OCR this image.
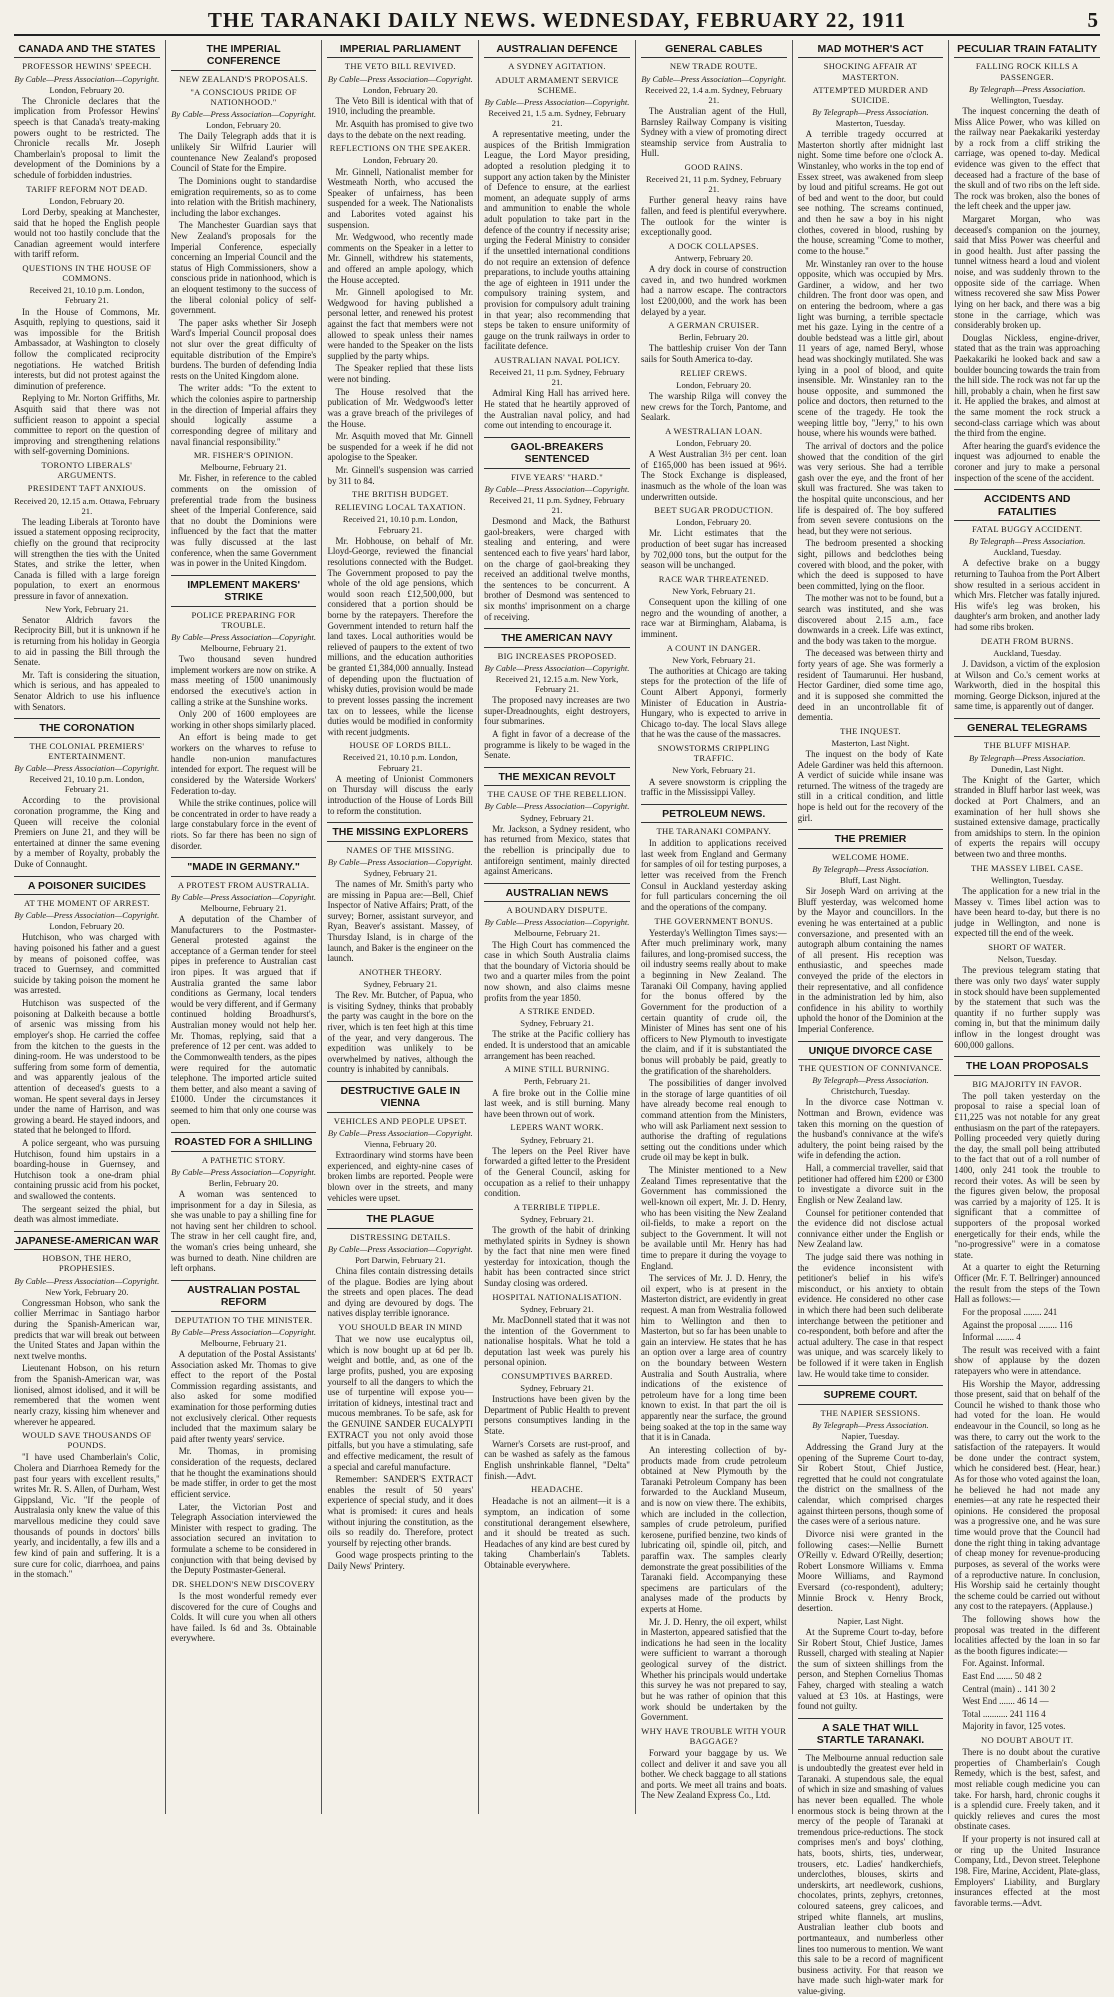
THE TARANAKI DAILY NEWS. WEDNESDAY, FEBRUARY 22, 1911	5
CANADA AND THE STATES
PROFESSOR HEWINS' SPEECH.
By Cable—Press Association—Copyright.
London, February 20.
The Chronicle declares that the implication from Professor Hewins' speech is that Canada's treaty-making powers ought to be restricted. The Chronicle recalls Mr. Joseph Chamberlain's proposal to limit the development of the Dominions by a schedule of forbidden industries.
TARIFF REFORM NOT DEAD.
London, February 20.
Lord Derby, speaking at Manchester, said that he hoped the English people would not too hastily conclude that the Canadian agreement would interfere with tariff reform.
QUESTIONS IN THE HOUSE OF COMMONS.
Received 21, 10.10 p.m. London, February 21.
In the House of Commons, Mr. Asquith, replying to questions, said it was impossible for the British Ambassador, at Washington to closely follow the complicated reciprocity negotiations. He watched British interests, but did not protest against the diminution of preference.
Replying to Mr. Norton Griffiths, Mr. Asquith said that there was not sufficient reason to appoint a special committee to report on the question of improving and strengthening relations with self-governing Dominions.
TORONTO LIBERALS' ARGUMENTS.
PRESIDENT TAFT ANXIOUS.
Received 20, 12.15 a.m. Ottawa, February 21.
The leading Liberals at Toronto have issued a statement opposing reciprocity, chiefly on the ground that reciprocity will strengthen the ties with the United States, and strike the letter, when Canada is filled with a large foreign population, to exert an enormous pressure in favor of annexation.
New York, February 21.
Senator Aldrich favors the Reciprocity Bill, but it is unknown if he is returning from his holiday in Georgia to aid in passing the Bill through the Senate.
Mr. Taft is considering the situation, which is serious, and has appealed to Senator Aldrich to use his influence with Senators.
THE CORONATION
THE COLONIAL PREMIERS' ENTERTAINMENT.
By Cable—Press Association—Copyright.
Received 21, 10.10 p.m. London, February 21.
According to the provisional coronation programme, the King and Queen will receive the colonial Premiers on June 21, and they will be entertained at dinner the same evening by a member of Royalty, probably the Duke of Connaught.
A POISONER SUICIDES
AT THE MOMENT OF ARREST.
By Cable—Press Association—Copyright.
London, February 20.
Hutchison, who was charged with having poisoned his father and a guest by means of poisoned coffee, was traced to Guernsey, and committed suicide by taking poison the moment he was arrested.
Hutchison was suspected of the poisoning at Dalkeith because a bottle of arsenic was missing from his employer's shop. He carried the coffee from the kitchen to the guests in the dining-room. He was understood to be suffering from some form of dementia, and was apparently jealous of the attention of deceased's guests to a woman. He spent several days in Jersey under the name of Harrison, and was growing a beard. He stayed indoors, and stated that he belonged to Ilford.
A police sergeant, who was pursuing Hutchison, found him upstairs in a boarding-house in Guernsey, and Hutchison took a one-dram phial containing prussic acid from his pocket, and swallowed the contents.
The sergeant seized the phial, but death was almost immediate.
JAPANESE-AMERICAN WAR
HOBSON, THE HERO, PROPHESIES.
By Cable—Press Association—Copyright.
New York, February 20.
Congressman Hobson, who sank the collier Merrimac in Santiago harbor during the Spanish-American war, predicts that war will break out between the United States and Japan within the next twelve months.
Lieutenant Hobson, on his return from the Spanish-American war, was lionised, almost idolised, and it will be remembered that the women went nearly crazy, kissing him whenever and wherever he appeared.
WOULD SAVE THOUSANDS OF POUNDS.
"I have used Chamberlain's Colic, Cholera and Diarrhoea Remedy for the past four years with excellent results," writes Mr. R. S. Allen, of Durham, West Gippsland, Vic. "If the people of Australasia only knew the value of this marvellous medicine they could save thousands of pounds in doctors' bills yearly, and incidentally, a few ills and a few kind of pain and suffering. It is a sure cure for colic, diarrhoea, and pains in the stomach."
THE IMPERIAL CONFERENCE
NEW ZEALAND'S PROPOSALS.
"A CONSCIOUS PRIDE OF NATIONHOOD."
By Cable—Press Association—Copyright.
London, February 20.
The Daily Telegraph adds that it is unlikely Sir Wilfrid Laurier will countenance New Zealand's proposed Council of State for the Empire.
The Dominions ought to standardise emigration requirements, so as to come into relation with the British machinery, including the labor exchanges.
The Manchester Guardian says that New Zealand's proposals for the Imperial Conference, especially concerning an Imperial Council and the status of High Commissioners, show a conscious pride in nationhood, which is an eloquent testimony to the success of the liberal colonial policy of self-government.
The paper asks whether Sir Joseph Ward's Imperial Council proposal does not slur over the great difficulty of equitable distribution of the Empire's burdens. The burden of defending India rests on the United Kingdom alone.
The writer adds: "To the extent to which the colonies aspire to partnership in the direction of Imperial affairs they should logically assume a corresponding degree of military and naval financial responsibility."
MR. FISHER'S OPINION.
Melbourne, February 21.
Mr. Fisher, in reference to the cabled comments on the omission of preferential trade from the business sheet of the Imperial Conference, said that no doubt the Dominions were influenced by the fact that the matter was fully discussed at the last conference, when the same Government was in power in the United Kingdom.
IMPLEMENT MAKERS' STRIKE
POLICE PREPARING FOR TROUBLE.
By Cable—Press Association—Copyright.
Melbourne, February 21.
Two thousand seven hundred implement workers are now on strike. A mass meeting of 1500 unanimously endorsed the executive's action in calling a strike at the Sunshine works.
Only 200 of 1600 employees are working in other shops similarly placed.
An effort is being made to get workers on the wharves to refuse to handle non-union manufactures intended for export. The request will be considered by the Waterside Workers' Federation to-day.
While the strike continues, police will be concentrated in order to have ready a large constabulary force in the event of riots. So far there has been no sign of disorder.
"MADE IN GERMANY."
A PROTEST FROM AUSTRALIA.
By Cable—Press Association—Copyright.
Melbourne, February 21.
A deputation of the Chamber of Manufacturers to the Postmaster-General protested against the acceptance of a German tender for steel pipes in preference to Australian cast iron pipes. It was argued that if Australia granted the same labor conditions as Germany, local tenders would be very different, and if Germany continued holding Broadhurst's, Australian money would not help her. Mr. Thomas, replying, said that a preference of 12 per cent. was added to the Commonwealth tenders, as the pipes were required for the automatic telephone. The imported article suited them better, and also meant a saving of £1000. Under the circumstances it seemed to him that only one course was open.
ROASTED FOR A SHILLING
A PATHETIC STORY.
By Cable—Press Association—Copyright.
Berlin, February 20.
A woman was sentenced to imprisonment for a day in Silesia, as she was unable to pay a shilling fine for not having sent her children to school. The straw in her cell caught fire, and, the woman's cries being unheard, she was burned to death. Nine children are left orphans.
AUSTRALIAN POSTAL REFORM
DEPUTATION TO THE MINISTER.
By Cable—Press Association—Copyright.
Melbourne, February 21.
A deputation of the Postal Assistants' Association asked Mr. Thomas to give effect to the report of the Postal Commission regarding assistants, and also asked for some modified examination for those performing duties not exclusively clerical. Other requests included that the maximum salary be paid after twenty years' service.
Mr. Thomas, in promising consideration of the requests, declared that he thought the examinations should be made stiffer, in order to get the most efficient service.
Later, the Victorian Post and Telegraph Association interviewed the Minister with respect to grading. The association secured an invitation to formulate a scheme to be considered in conjunction with that being devised by the Deputy Postmaster-General.
DR. SHELDON'S NEW DISCOVERY
Is the most wonderful remedy ever discovered for the cure of Coughs and Colds. It will cure you when all others have failed. Is 6d and 3s. Obtainable everywhere.
IMPERIAL PARLIAMENT
THE VETO BILL REVIVED.
By Cable—Press Association—Copyright.
London, February 20.
The Veto Bill is identical with that of 1910, including the preamble.
Mr. Asquith has promised to give two days to the debate on the next reading.
REFLECTIONS ON THE SPEAKER.
London, February 20.
Mr. Ginnell, Nationalist member for Westmeath North, who accused the Speaker of unfairness, has been suspended for a week. The Nationalists and Laborites voted against his suspension.
Mr. Wedgwood, who recently made comments on the Speaker in a letter to Mr. Ginnell, withdrew his statements, and offered an ample apology, which the House accepted.
Mr. Ginnell apologised to Mr. Wedgwood for having published a personal letter, and renewed his protest against the fact that members were not allowed to speak unless their names were handed to the Speaker on the lists supplied by the party whips.
The Speaker replied that these lists were not binding.
The House resolved that the publication of Mr. Wedgwood's letter was a grave breach of the privileges of the House.
Mr. Asquith moved that Mr. Ginnell be suspended for a week if he did not apologise to the Speaker.
Mr. Ginnell's suspension was carried by 311 to 84.
THE BRITISH BUDGET.
RELIEVING LOCAL TAXATION.
Received 21, 10.10 p.m. London, February 21.
Mr. Hobhouse, on behalf of Mr. Lloyd-George, reviewed the financial resolutions connected with the Budget. The Government proposed to pay the whole of the old age pensions, which would soon reach £12,500,000, but considered that a portion should be borne by the ratepayers. Therefore the Government intended to return half the land taxes. Local authorities would be relieved of paupers to the extent of two millions, and the education authorities be granted £1,384,000 annually. Instead of depending upon the fluctuation of whisky duties, provision would be made to prevent losses passing the increment tax on to lessees, while the license duties would be modified in conformity with recent judgments.
HOUSE OF LORDS BILL.
Received 21, 10.10 p.m. London, February 21.
A meeting of Unionist Commoners on Thursday will discuss the early introduction of the House of Lords Bill to reform the constitution.
THE MISSING EXPLORERS
NAMES OF THE MISSING.
By Cable—Press Association—Copyright.
Sydney, February 21.
The names of Mr. Smith's party who are missing in Papua are:—Bell, Chief Inspector of Native Affairs; Pratt, of the survey; Borner, assistant surveyor, and Ryan, Beaver's assistant. Massey, of Thursday Island, is in charge of the launch, and Baker is the engineer on the launch.
ANOTHER THEORY.
Sydney, February 21.
The Rev. Mr. Butcher, of Papua, who is visiting Sydney, thinks that probably the party was caught in the bore on the river, which is ten feet high at this time of the year, and very dangerous. The expedition was unlikely to be overwhelmed by natives, although the country is inhabited by cannibals.
DESTRUCTIVE GALE IN VIENNA
VEHICLES AND PEOPLE UPSET.
By Cable—Press Association—Copyright.
Vienna, February 20.
Extraordinary wind storms have been experienced, and eighty-nine cases of broken limbs are reported. People were blown over in the streets, and many vehicles were upset.
THE PLAGUE
DISTRESSING DETAILS.
By Cable—Press Association—Copyright.
Port Darwin, February 21.
China files contain distressing details of the plague. Bodies are lying about the streets and open places. The dead and dying are devoured by dogs. The natives display terrible ignorance.
YOU SHOULD BEAR IN MIND
That we now use eucalyptus oil, which is now bought up at 6d per lb. weight and bottle, and, as one of the large profits, pushed, you are exposing yourself to all the dangers to which the use of turpentine will expose you—irritation of kidneys, intestinal tract and mucous membranes. To be safe, ask for the GENUINE SANDER EUCALYPTI EXTRACT you not only avoid those pitfalls, but you have a stimulating, safe and effective medicament, the result of a special and careful manufacture.
Remember: SANDER'S EXTRACT enables the result of 50 years' experience of special study, and it does what is promised: it cures and heals without injuring the constitution, as the oils so readily do. Therefore, protect yourself by rejecting other brands.
Good wage prospects printing to the Daily News' Printery.
AUSTRALIAN DEFENCE
A SYDNEY AGITATION.
ADULT ARMAMENT SERVICE SCHEME.
By Cable—Press Association—Copyright.
Received 21, 1.5 a.m. Sydney, February 21.
A representative meeting, under the auspices of the British Immigration League, the Lord Mayor presiding, adopted a resolution pledging it to support any action taken by the Minister of Defence to ensure, at the earliest moment, an adequate supply of arms and ammunition to enable the whole adult population to take part in the defence of the country if necessity arise; urging the Federal Ministry to consider if the unsettled international conditions do not require an extension of defence preparations, to include youths attaining the age of eighteen in 1911 under the compulsory training system, and provision for compulsory adult training in that year; also recommending that steps be taken to ensure uniformity of gauge on the trunk railways in order to facilitate defence.
AUSTRALIAN NAVAL POLICY.
Received 21, 11 p.m. Sydney, February 21.
Admiral King Hall has arrived here. He stated that he heartily approved of the Australian naval policy, and had come out intending to encourage it.
GAOL-BREAKERS SENTENCED
FIVE YEARS' "HARD."
By Cable—Press Association—Copyright.
Received 21, 11 p.m. Sydney, February 21.
Desmond and Mack, the Bathurst gaol-breakers, were charged with stealing and entering, and were sentenced each to five years' hard labor, on the charge of gaol-breaking they received an additional twelve months, the sentences to be concurrent. A brother of Desmond was sentenced to six months' imprisonment on a charge of receiving.
THE AMERICAN NAVY
BIG INCREASES PROPOSED.
By Cable—Press Association—Copyright.
Received 21, 12.15 a.m. New York, February 21.
The proposed navy increases are two super-Dreadnoughts, eight destroyers, four submarines.
A fight in favor of a decrease of the programme is likely to be waged in the Senate.
THE MEXICAN REVOLT
THE CAUSE OF THE REBELLION.
By Cable—Press Association—Copyright.
Sydney, February 21.
Mr. Jackson, a Sydney resident, who has returned from Mexico, states that the rebellion is principally due to antiforeign sentiment, mainly directed against Americans.
AUSTRALIAN NEWS
A BOUNDARY DISPUTE.
By Cable—Press Association—Copyright.
Melbourne, February 21.
The High Court has commenced the case in which South Australia claims that the boundary of Victoria should be two and a quarter miles from the point now shown, and also claims mesne profits from the year 1850.
A STRIKE ENDED.
Sydney, February 21.
The strike at the Pacific colliery has ended. It is understood that an amicable arrangement has been reached.
A MINE STILL BURNING.
Perth, February 21.
A fire broke out in the Collie mine last week, and is still burning. Many have been thrown out of work.
LEPERS WANT WORK.
Sydney, February 21.
The lepers on the Peel River have forwarded a gifted letter to the President of the General Council, asking for occupation as a relief to their unhappy condition.
A TERRIBLE TIPPLE.
Sydney, February 21.
The growth of the habit of drinking methylated spirits in Sydney is shown by the fact that nine men were fined yesterday for intoxication, though the habit has been contracted since strict Sunday closing was ordered.
HOSPITAL NATIONALISATION.
Sydney, February 21.
Mr. MacDonnell stated that it was not the intention of the Government to nationalise hospitals. What he told a deputation last week was purely his personal opinion.
CONSUMPTIVES BARRED.
Sydney, February 21.
Instructions have been given by the Department of Public Health to prevent persons consumptives landing in the State.
Warner's Corsets are rust-proof, and can be washed as safely as the famous English unshrinkable flannel, "Delta" finish.—Advt.
HEADACHE.
Headache is not an ailment—it is a symptom, an indication of some constitutional derangement elsewhere, and it should be treated as such. Headaches of any kind are best cured by taking Chamberlain's Tablets. Obtainable everywhere.
GENERAL CABLES
NEW TRADE ROUTE.
By Cable—Press Association—Copyright.
Received 22, 1.4 a.m. Sydney, February 21.
The Australian agent of the Hull, Barnsley Railway Company is visiting Sydney with a view of promoting direct steamship service from Australia to Hull.
GOOD RAINS.
Received 21, 11 p.m. Sydney, February 21.
Further general heavy rains have fallen, and feed is plentiful everywhere. The outlook for the winter is exceptionally good.
A DOCK COLLAPSES.
Antwerp, February 20.
A dry dock in course of construction caved in, and two hundred workmen had a narrow escape. The contractors lost £200,000, and the work has been delayed by a year.
A GERMAN CRUISER.
Berlin, February 20.
The battleship cruiser Von der Tann sails for South America to-day.
RELIEF CREWS.
London, February 20.
The warship Rilga will convey the new crews for the Torch, Pantome, and Sealark.
A WESTRALIAN LOAN.
London, February 20.
A West Australian 3½ per cent. loan of £165,000 has been issued at 96½. The Stock Exchange is displeased, inasmuch as the whole of the loan was underwritten outside.
BEET SUGAR PRODUCTION.
London, February 20.
Mr. Licht estimates that the production of beet sugar has increased by 702,000 tons, but the output for the season will be unchanged.
RACE WAR THREATENED.
New York, February 21.
Consequent upon the killing of one negro and the wounding of another, a race war at Birmingham, Alabama, is imminent.
A COUNT IN DANGER.
New York, February 21.
The authorities at Chicago are taking steps for the protection of the life of Count Albert Apponyi, formerly Minister of Education in Austria-Hungary, who is expected to arrive in Chicago to-day. The local Slavs allege that he was the cause of the massacres.
SNOWSTORMS CRIPPLING TRAFFIC.
New York, February 21.
A severe snowstorm is crippling the traffic in the Mississippi Valley.
PETROLEUM NEWS.
THE TARANAKI COMPANY.
In addition to applications received last week from England and Germany for samples of oil for testing purposes, a letter was received from the French Consul in Auckland yesterday asking for full particulars concerning the oil and the operations of the company.
THE GOVERNMENT BONUS.
Yesterday's Wellington Times says:—After much preliminary work, many failures, and long-promised success, the oil industry seems really about to make a beginning in New Zealand. The Taranaki Oil Company, having applied for the bonus offered by the Government for the production of a certain quantity of crude oil, the Minister of Mines has sent one of his officers to New Plymouth to investigate the claim, and if it is substantiated the bonus will probably be paid, greatly to the gratification of the shareholders.
The possibilities of danger involved in the storage of large quantities of oil have already become real enough to command attention from the Ministers, who will ask Parliament next session to authorise the drafting of regulations setting out the conditions under which crude oil may be kept in bulk.
The Minister mentioned to a New Zealand Times representative that the Government has commissioned the well-known oil expert, Mr. J. D. Henry, who has been visiting the New Zealand oil-fields, to make a report on the subject to the Government. It will not be available until Mr. Henry has had time to prepare it during the voyage to England.
The services of Mr. J. D. Henry, the oil expert, who is at present in the Masterton district, are evidently in great request. A man from Westralia followed him to Wellington and then to Masterton, but so far has been unable to gain an interview. He states that he has an option over a large area of country on the boundary between Western Australia and South Australia, where indications of the existence of petroleum have for a long time been known to exist. In that part the oil is apparently near the surface, the ground being soaked at the top in the same way that it is in Canada.
An interesting collection of by-products made from crude petroleum obtained at New Plymouth by the Taranaki Petroleum Company has been forwarded to the Auckland Museum, and is now on view there. The exhibits, which are included in the collection, samples of crude petroleum, purified kerosene, purified benzine, two kinds of lubricating oil, spindle oil, pitch, and paraffin wax. The samples clearly demonstrate the great possibilities of the Taranaki field. Accompanying these specimens are particulars of the analyses made of the products by experts at Home.
Mr. J. D. Henry, the oil expert, whilst in Masterton, appeared satisfied that the indications he had seen in the locality were sufficient to warrant a thorough geological survey of the district. Whether his principals would undertake this survey he was not prepared to say, but he was rather of opinion that this work should be undertaken by the Government.
WHY HAVE TROUBLE WITH YOUR BAGGAGE?
Forward your baggage by us. We collect and deliver it and save you all bother. We check baggage to all stations and ports. We meet all trains and boats. The New Zealand Express Co., Ltd.
MAD MOTHER'S ACT
SHOCKING AFFAIR AT MASTERTON.
ATTEMPTED MURDER AND SUICIDE.
By Telegraph—Press Association.
Masterton, Tuesday.
A terrible tragedy occurred at Masterton shortly after midnight last night. Some time before one o'clock A. Winstanley, who works in the top end of Essex street, was awakened from sleep by loud and pitiful screams. He got out of bed and went to the door, but could see nothing. The screams continued, and then he saw a boy in his night clothes, covered in blood, rushing by the house, screaming "Come to mother, come to the house."
Mr. Winstanley ran over to the house opposite, which was occupied by Mrs. Gardiner, a widow, and her two children. The front door was open, and on entering the bedroom, where a gas light was burning, a terrible spectacle met his gaze. Lying in the centre of a double bedstead was a little girl, about 11 years of age, named Beryl, whose head was shockingly mutilated. She was lying in a pool of blood, and quite insensible. Mr. Winstanley ran to the house opposite, and summoned the police and doctors, then returned to the scene of the tragedy. He took the weeping little boy, "Jerry," to his own house, where his wounds were bathed.
The arrival of doctors and the police showed that the condition of the girl was very serious. She had a terrible gash over the eye, and the front of her skull was fractured. She was taken to the hospital quite unconscious, and her life is despaired of. The boy suffered from seven severe contusions on the head, but they were not serious.
The bedroom presented a shocking sight, pillows and bedclothes being covered with blood, and the poker, with which the deed is supposed to have been committed, lying on the floor.
The mother was not to be found, but a search was instituted, and she was discovered about 2.15 a.m., face downwards in a creek. Life was extinct, and the body was taken to the morgue.
The deceased was between thirty and forty years of age. She was formerly a resident of Taumarunui. Her husband, Hector Gardiner, died some time ago, and it is supposed she committed the deed in an uncontrollable fit of dementia.
THE INQUEST.
Masterton, Last Night.
The inquest on the body of Kate Adele Gardiner was held this afternoon. A verdict of suicide while insane was returned. The witness of the tragedy are still in a critical condition, and little hope is held out for the recovery of the girl.
THE PREMIER
WELCOME HOME.
By Telegraph—Press Association.
Bluff, Last Night.
Sir Joseph Ward on arriving at the Bluff yesterday, was welcomed home by the Mayor and councillors. In the evening he was entertained at a public conversazione, and presented with an autograph album containing the names of all present. His reception was enthusiastic, and speeches made conveyed the pride of the electors in their representative, and all confidence in the administration led by him, also confidence in his ability to worthily uphold the honor of the Dominion at the Imperial Conference.
UNIQUE DIVORCE CASE
THE QUESTION OF CONNIVANCE.
By Telegraph—Press Association.
Christchurch, Tuesday.
In the divorce case Nottman v. Nottman and Brown, evidence was taken this morning on the question of the husband's connivance at the wife's adultery, the point being raised by the wife in defending the action.
Hall, a commercial traveller, said that petitioner had offered him £200 or £300 to investigate a divorce suit in the English or New Zealand law.
Counsel for petitioner contended that the evidence did not disclose actual connivance either under the English or New Zealand law.
The judge said there was nothing in the evidence inconsistent with petitioner's belief in his wife's misconduct, or his anxiety to obtain evidence. He considered no other case in which there had been such deliberate interchange between the petitioner and co-respondent, both before and after the actual adultery. The case in that respect was unique, and was scarcely likely to be followed if it were taken in English law. He would take time to consider.
SUPREME COURT.
THE NAPIER SESSIONS.
By Telegraph—Press Association.
Napier, Tuesday.
Addressing the Grand Jury at the opening of the Supreme Court to-day, Sir Robert Stout, Chief Justice, regretted that he could not congratulate the district on the smallness of the calendar, which comprised charges against thirteen persons, though some of the cases were of a serious nature.
Divorce nisi were granted in the following cases:—Nellie Burnett O'Reilly v. Edward O'Reilly, desertion; Robert Lonsmore Williams v. Emma Moore Williams, and Raymond Eversard (co-respondent), adultery; Minnie Brock v. Henry Brock, desertion.
Napier, Last Night.
At the Supreme Court to-day, before Sir Robert Stout, Chief Justice, James Russell, charged with stealing at Napier the sum of sixteen shillings from the person, and Stephen Cornelius Thomas Fahey, charged with stealing a watch valued at £3 10s. at Hastings, were found not guilty.
A SALE THAT WILL STARTLE TARANAKI.
The Melbourne annual reduction sale is undoubtedly the greatest ever held in Taranaki. A stupendous sale, the equal of which in size and smashing of values has never been equalled. The whole enormous stock is being thrown at the mercy of the people of Taranaki at tremendous price-reductions. The stock comprises men's and boys' clothing, hats, boots, shirts, ties, underwear, trousers, etc. Ladies' handkerchiefs, underclothes, blouses, skirts and underskirts, art needlework, cushions, chocolates, prints, zephyrs, cretonnes, coloured sateens, grey calicoes, and striped white flannels, art muslins, Australian leather club boots and portmanteaux, and numberless other lines too numerous to mention. We want this sale to be a record of magnificent business activity. For that reason we have made such high-water mark for value-giving.
PECULIAR TRAIN FATALITY
FALLING ROCK KILLS A PASSENGER.
By Telegraph—Press Association.
Wellington, Tuesday.
The inquest concerning the death of Miss Alice Power, who was killed on the railway near Paekakariki yesterday by a rock from a cliff striking the carriage, was opened to-day. Medical evidence was given to the effect that deceased had a fracture of the base of the skull and of two ribs on the left side. The rock was broken, also the bones of the left cheek and the upper jaw.
Margaret Morgan, who was deceased's companion on the journey, said that Miss Power was cheerful and in good health. Just after passing the tunnel witness heard a loud and violent noise, and was suddenly thrown to the opposite side of the carriage. When witness recovered she saw Miss Power lying on her back, and there was a big stone in the carriage, which was considerably broken up.
Douglas Nickless, engine-driver, stated that as the train was approaching Paekakariki he looked back and saw a boulder bouncing towards the train from the hill side. The rock was not far up the hill, probably a chain, when he first saw it. He applied the brakes, and almost at the same moment the rock struck a second-class carriage which was about the third from the engine.
After hearing the guard's evidence the inquest was adjourned to enable the coroner and jury to make a personal inspection of the scene of the accident.
ACCIDENTS AND FATALITIES
FATAL BUGGY ACCIDENT.
By Telegraph—Press Association.
Auckland, Tuesday.
A defective brake on a buggy returning to Tauhoa from the Port Albert show resulted in a serious accident in which Mrs. Fletcher was fatally injured. His wife's leg was broken, his daughter's arm broken, and another lady had some ribs broken.
DEATH FROM BURNS.
Auckland, Tuesday.
J. Davidson, a victim of the explosion at Wilson and Co.'s cement works at Warkworth, died in the hospital this morning. George Dickson, injured at the same time, is apparently out of danger.
GENERAL TELEGRAMS
THE BLUFF MISHAP.
By Telegraph—Press Association.
Dunedin, Last Night.
The Knight of the Garter, which stranded in Bluff harbor last week, was docked at Port Chalmers, and an examination of her hull shows she sustained extensive damage, practically from amidships to stern. In the opinion of experts the repairs will occupy between two and three months.
THE MASSEY LIBEL CASE.
Wellington, Tuesday.
The application for a new trial in the Massey v. Times libel action was to have been heard to-day, but there is no judge in Wellington, and none is expected till the end of the week.
SHORT OF WATER.
Nelson, Tuesday.
The previous telegram stating that there was only two days' water supply in stock should have been supplemented by the statement that such was the quantity if no further supply was coming in, but that the minimum daily inflow in the longest drought was 600,000 gallons.
THE LOAN PROPOSALS
BIG MAJORITY IN FAVOR.
The poll taken yesterday on the proposal to raise a special loan of £11,225 was not notable for any great enthusiasm on the part of the ratepayers. Polling proceeded very quietly during the day, the small poll being attributed to the fact that out of a roll number of 1400, only 241 took the trouble to record their votes. As will be seen by the figures given below, the proposal was carried by a majority of 125. It is significant that a committee of supporters of the proposal worked energetically for their ends, while the "no-progressive" were in a comatose state.
At a quarter to eight the Returning Officer (Mr. F. T. Bellringer) announced the result from the steps of the Town Hall as follows:—
For the proposal ........ 241
Against the proposal ........ 116
Informal ........ 4
The result was received with a faint show of applause by the dozen ratepayers who were in attendance.
His Worship the Mayor, addressing those present, said that on behalf of the Council he wished to thank those who had voted for the loan. He would endeavour in the Council, so long as he was there, to carry out the work to the satisfaction of the ratepayers. It would be done under the contract system, which he considered best. (Hear, hear.) As for those who voted against the loan, he believed he had not made any enemies—at any rate he respected their opinions. He considered the proposal was a progressive one, and he was sure time would prove that the Council had done the right thing in taking advantage of cheap money for revenue-producing purposes, as several of the works were of a reproductive nature. In conclusion, His Worship said he certainly thought the scheme could be carried out without any cost to the ratepayers. (Applause.)
The following shows how the proposal was treated in the different localities affected by the loan in so far as the booth figures indicate:—
For. Against. Informal.
East End ....... 50 48 2
Central (main) .. 141 30 2
West End ....... 46 14 —
Total ........... 241 116 4
Majority in favor, 125 votes.
NO DOUBT ABOUT IT.
There is no doubt about the curative properties of Chamberlain's Cough Remedy, which is the best, safest, and most reliable cough medicine you can take. For harsh, hard, chronic coughs it is a splendid cure. Freely taken, and it quickly relieves and cures the most obstinate cases.
If your property is not insured call at or ring up the United Insurance Company, Ltd., Devon street. Telephone 198. Fire, Marine, Accident, Plate-glass, Employers' Liability, and Burglary insurances effected at the most favorable terms.—Advt.
